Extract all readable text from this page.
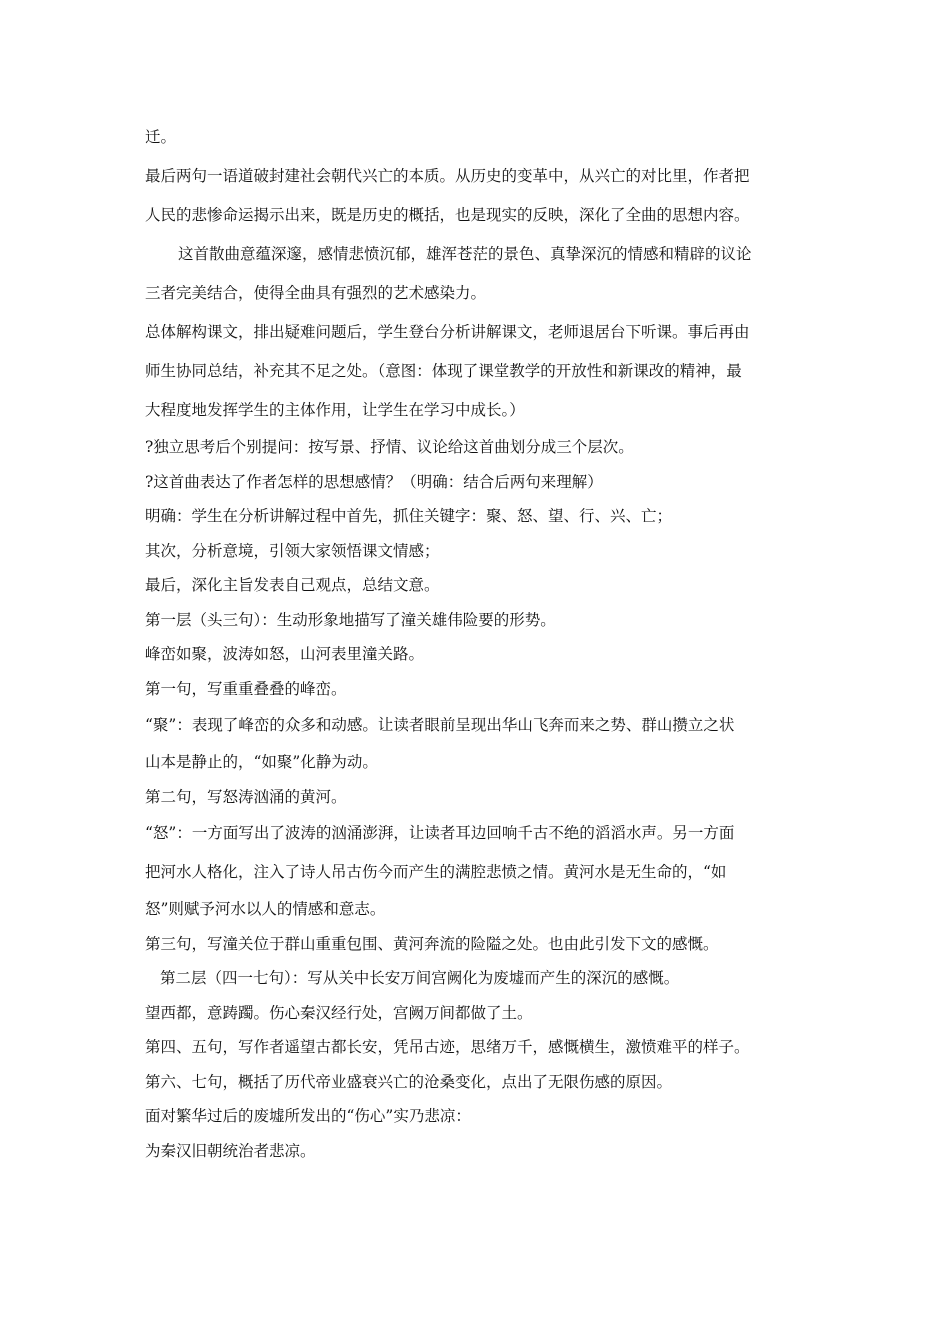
迁。

最后两句一语道破封建社会朝代兴亡的本质。从历史的变革中，从兴亡的对比里，作者把

人民的悲惨命运揭示出来，既是历史的概括，也是现实的反映，深化了全曲的思想内容。

这首散曲意蕴深邃，感情悲愤沉郁，雄浑苍茫的景色、真挚深沉的情感和精辟的议论

三者完美结合，使得全曲具有强烈的艺术感染力。

总体解构课文，排出疑难问题后，学生登台分析讲解课文，老师退居台下听课。事后再由

师生协同总结，补充其不足之处。（意图：体现了课堂教学的开放性和新课改的精神，最

大程度地发挥学生的主体作用，让学生在学习中成长。）

?独立思考后个别提问：按写景、抒情、议论给这首曲划分成三个层次。

?这首曲表达了作者怎样的思想感情？（明确：结合后两句来理解）

明确：学生在分析讲解过程中首先，抓住关键字：聚、怒、望、行、兴、亡；

其次，分析意境，引领大家领悟课文情感；

最后，深化主旨发表自己观点，总结文意。

第一层（头三句）：生动形象地描写了潼关雄伟险要的形势。

峰峦如聚，波涛如怒，山河表里潼关路。

第一句，写重重叠叠的峰峦。

“聚”：表现了峰峦的众多和动感。让读者眼前呈现出华山飞奔而来之势、群山攒立之状

山本是静止的，“如聚”化静为动。

第二句，写怒涛汹涌的黄河。

“怒”：一方面写出了波涛的汹涌澎湃，让读者耳边回响千古不绝的滔滔水声。另一方面

把河水人格化，注入了诗人吊古伤今而产生的满腔悲愤之情。黄河水是无生命的，“如

怒”则赋予河水以人的情感和意志。

第三句，写潼关位于群山重重包围、黄河奔流的险隘之处。也由此引发下文的感慨。

第二层（四一七句）：写从关中长安万间宫阙化为废墟而产生的深沉的感慨。

望西都，意踌躅。伤心秦汉经行处，宫阙万间都做了土。

第四、五句，写作者遥望古都长安，凭吊古迹，思绪万千，感慨横生，激愤难平的样子。

第六、七句，概括了历代帝业盛衰兴亡的沧桑变化，点出了无限伤感的原因。

面对繁华过后的废墟所发出的“伤心”实乃悲凉：

为秦汉旧朝统治者悲凉。
